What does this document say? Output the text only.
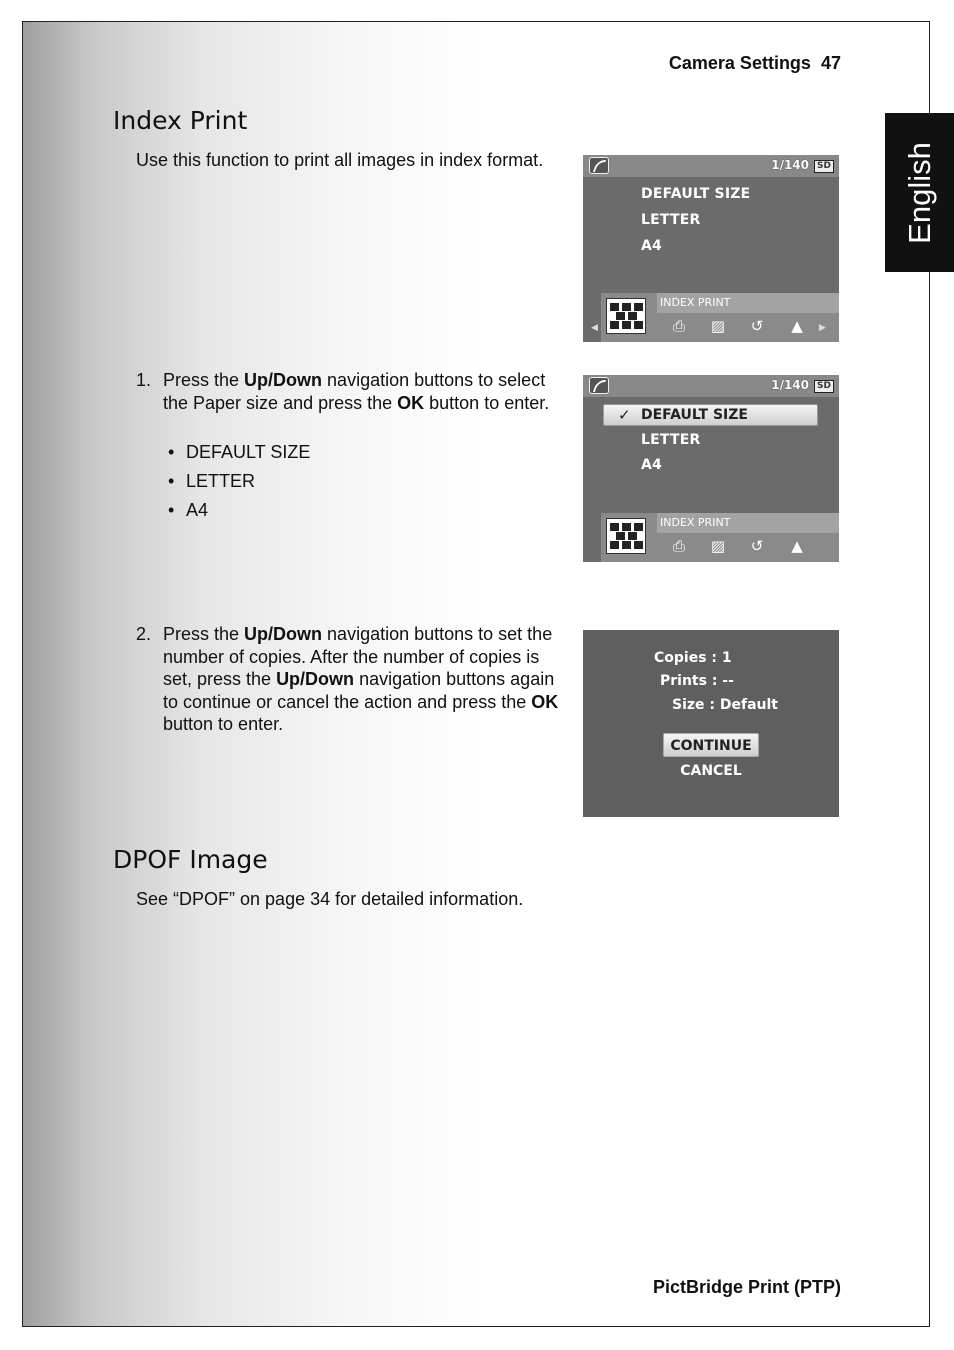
Camera Settings 47
English
Index Print
Use this function to print all images in index format.	1/140 SD
DEFAULT SIZE
LETTER
A4
INDEX PRINT
⎙	▨	↺	▲
◀	▶
1. Press the Up/Down navigation buttons to select the Paper size and press the OK button to enter.
• DEFAULT SIZE
• LETTER
• A4
1/140 SD
✓ DEFAULT SIZE
LETTER
A4
INDEX PRINT
⎙	▨	↺	▲
2. Press the Up/Down navigation buttons to set the number of copies. After the number of copies is set, press the Up/Down navigation buttons again to continue or cancel the action and press the OK button to enter.
Copies : 1
Prints : --
Size : Default
CONTINUE
CANCEL
DPOF Image
See “DPOF” on page 34 for detailed information.
PictBridge Print (PTP)
